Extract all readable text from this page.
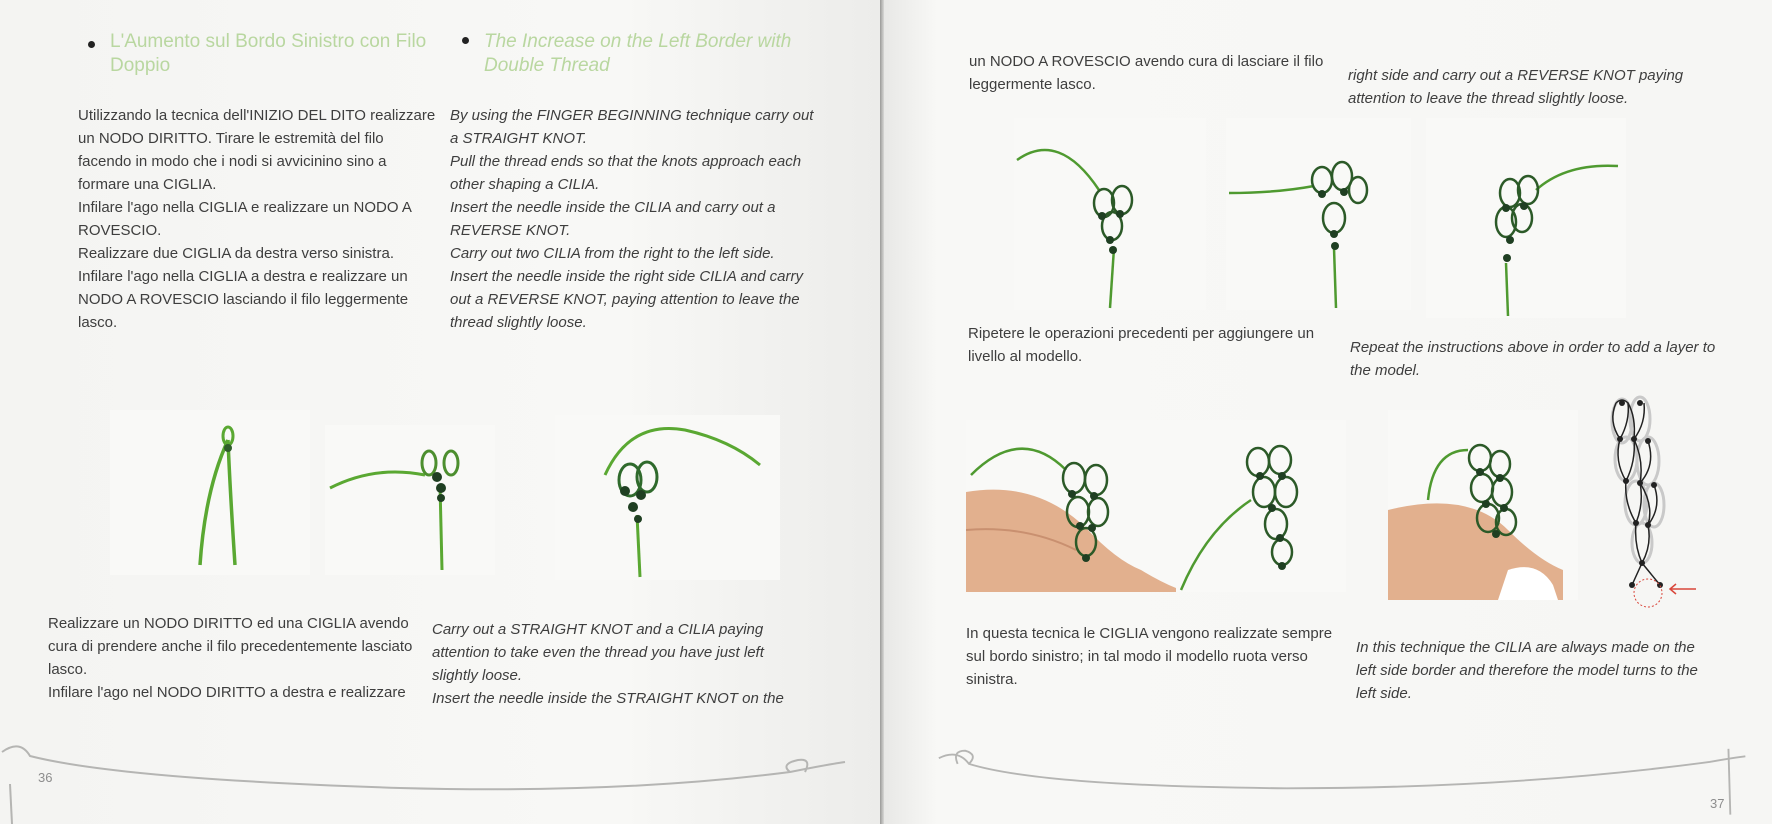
L'Aumento sul Bordo Sinistro con Filo Doppio
The Increase on the Left Border with Double Thread

Utilizzando la tecnica dell'INIZIO DEL DITO realizzare un NODO DIRITTO. Tirare le estremità del filo facendo in modo che i nodi si avvicinino sino a formare una CIGLIA.

Infilare l'ago nella CIGLIA e realizzare un NODO A ROVESCIO.

Realizzare due CIGLIA da destra verso sinistra.

Infilare l'ago nella CIGLIA a destra e realizzare un NODO A ROVESCIO lasciando il filo leggermente lasco.

By using the FINGER BEGINNING technique carry out a STRAIGHT KNOT.

Pull the thread ends so that the knots approach each other shaping a CILIA.

Insert the needle inside the CILIA and carry out a REVERSE KNOT.

Carry out two CILIA from the right to the left side.

Insert the needle inside the right side CILIA and carry out a REVERSE KNOT, paying attention to leave the thread slightly loose.

Realizzare un NODO DIRITTO ed una CIGLIA avendo cura di prendere anche il filo precedentemente lasciato lasco.

Infilare l'ago nel NODO DIRITTO a destra e realizzare

Carry out a STRAIGHT KNOT and a CILIA paying attention to take even the thread you have just left slightly loose.

Insert the needle inside the STRAIGHT KNOT on the

36
un NODO A ROVESCIO avendo cura di lasciare il filo leggermente lasco.
right side and carry out a REVERSE KNOT paying attention to leave the thread slightly loose.
Ripetere le operazioni precedenti per aggiungere un livello al modello.
Repeat the instructions above in order to add a layer to the model.
In questa tecnica le CIGLIA vengono realizzate sempre sul bordo sinistro; in tal modo il modello ruota verso sinistra.
In this technique the CILIA are always made on the left side border and therefore the model turns to the left side.
37
